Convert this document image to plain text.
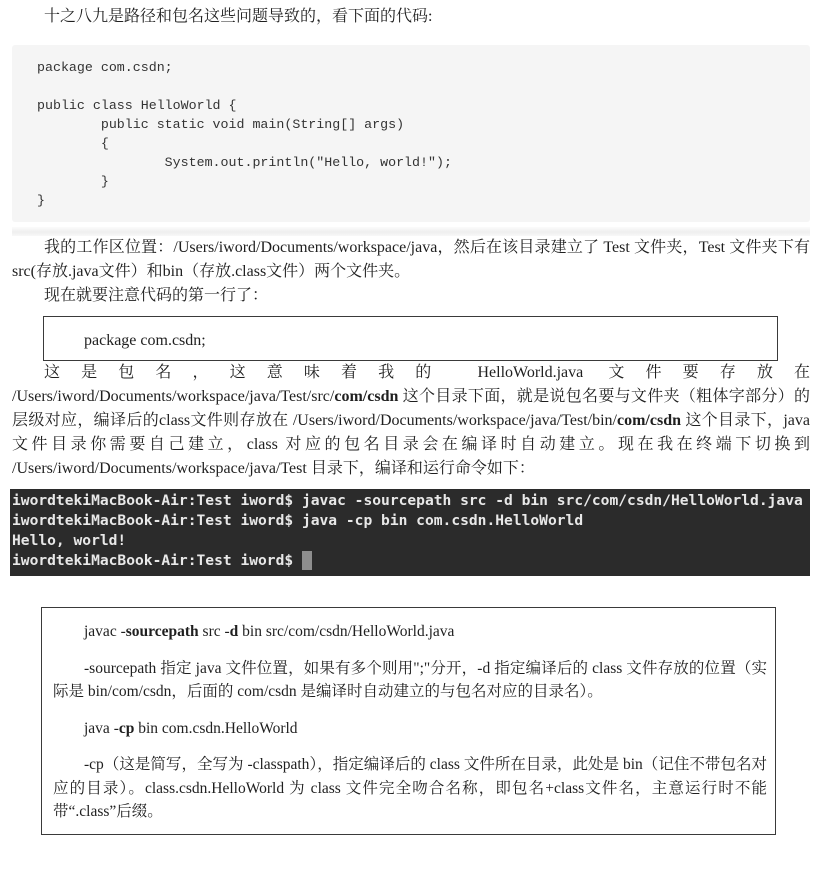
十之八九是路径和包名这些问题导致的，看下面的代码:

package com.csdn;
public class HelloWorld {
public static void main(String[] args)
{
System.out.println("Hello, world!");
}
}

我的工作区位置：/Users/iword/Documents/workspace/java，然后在该目录建立了 Test 文件夹，Test 文件夹下有 src(存放.java文件）和bin（存放.class文件）两个文件夹。

现在就要注意代码的第一行了：

package com.csdn;

这是包名，这意味着我的 HelloWorld.java 文件要存放在 /Users/iword/Documents/workspace/java/Test/src/com/csdn 这个目录下面，就是说包名要与文件夹（粗体字部分）的层级对应，编译后的class文件则存放在 /Users/iword/Documents/workspace/java/Test/bin/com/csdn 这个目录下，java文件目录你需要自己建立，class 对应的包名目录会在编译时自动建立。现在我在终端下切换到 /Users/iword/Documents/workspace/java/Test 目录下，编译和运行命令如下：

iwordtekiMacBook-Air:Test iword$ javac -sourcepath src -d bin src/com/csdn/HelloWorld.java
iwordtekiMacBook-Air:Test iword$ java -cp bin com.csdn.HelloWorld
Hello, world!
iwordtekiMacBook-Air:Test iword$

javac -sourcepath src -d bin src/com/csdn/HelloWorld.java

-sourcepath 指定 java 文件位置，如果有多个则用";"分开，-d 指定编译后的 class 文件存放的位置（实际是 bin/com/csdn，后面的 com/csdn 是编译时自动建立的与包名对应的目录名）。

java -cp bin com.csdn.HelloWorld

-cp（这是简写，全写为 -classpath），指定编译后的 class 文件所在目录，此处是 bin（记住不带包名对应的目录）。class.csdn.HelloWorld 为 class 文件完全吻合名称，即包名+class文件名，主意运行时不能带“.class”后缀。
